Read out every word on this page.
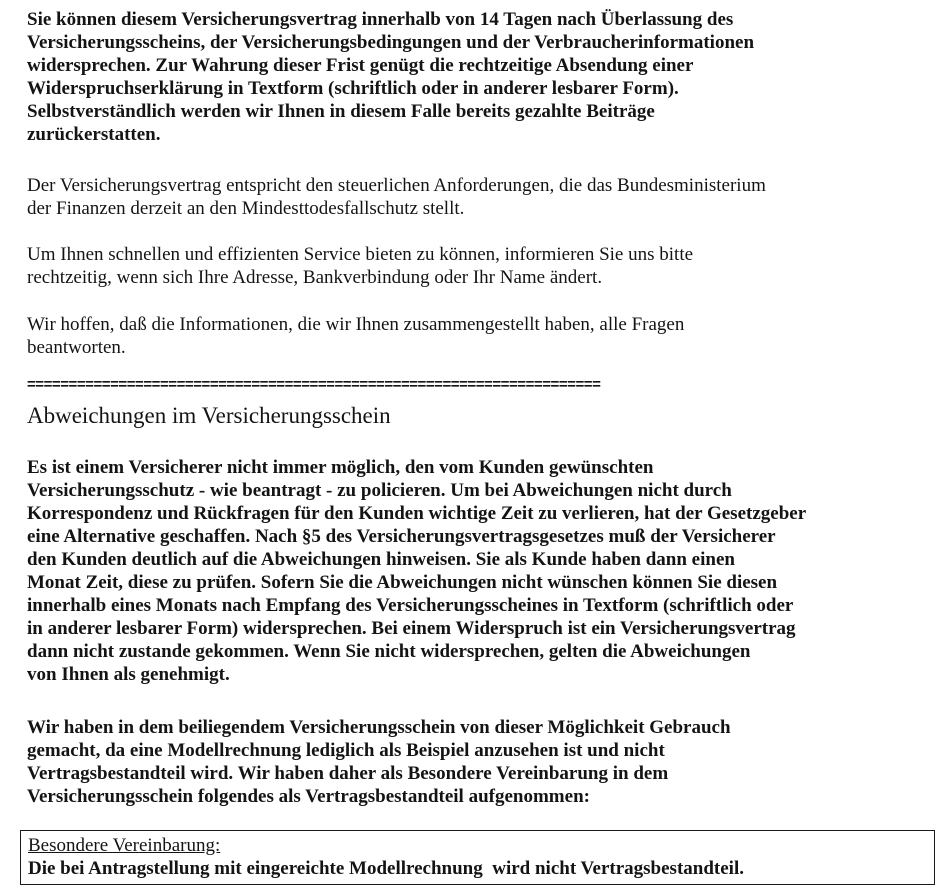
Sie können diesem Versicherungsvertrag innerhalb von 14 Tagen nach Überlassung des
Versicherungsscheins, der Versicherungsbedingungen und der Verbraucherinformationen
widersprechen. Zur Wahrung dieser Frist genügt die rechtzeitige Absendung einer
Widerspruchserklärung in Textform (schriftlich oder in anderer lesbarer Form).
Selbstverständlich werden wir Ihnen in diesem Falle bereits gezahlte Beiträge
zurückerstatten.

Der Versicherungsvertrag entspricht den steuerlichen Anforderungen, die das Bundesministerium
der Finanzen derzeit an den Mindesttodesfallschutz stellt.

Um Ihnen schnellen und effizienten Service bieten zu können, informieren Sie uns bitte
rechtzeitig, wenn sich Ihre Adresse, Bankverbindung oder Ihr Name ändert.

Wir hoffen, daß die Informationen, die wir Ihnen zusammengestellt haben, alle Fragen
beantworten.

=====================================================================

Abweichungen im Versicherungsschein

Es ist einem Versicherer nicht immer möglich, den vom Kunden gewünschten
Versicherungsschutz - wie beantragt - zu policieren. Um bei Abweichungen nicht durch
Korrespondenz und Rückfragen für den Kunden wichtige Zeit zu verlieren, hat der Gesetzgeber
eine Alternative geschaffen. Nach §5 des Versicherungsvertragsgesetzes muß der Versicherer
den Kunden deutlich auf die Abweichungen hinweisen. Sie als Kunde haben dann einen
Monat Zeit, diese zu prüfen. Sofern Sie die Abweichungen nicht wünschen können Sie diesen
innerhalb eines Monats nach Empfang des Versicherungsscheines in Textform (schriftlich oder
in anderer lesbarer Form) widersprechen. Bei einem Widerspruch ist ein Versicherungsvertrag
dann nicht zustande gekommen. Wenn Sie nicht widersprechen, gelten die Abweichungen
von Ihnen als genehmigt.

Wir haben in dem beiliegendem Versicherungsschein von dieser Möglichkeit Gebrauch
gemacht, da eine Modellrechnung lediglich als Beispiel anzusehen ist und nicht
Vertragsbestandteil wird. Wir haben daher als Besondere Vereinbarung in dem
Versicherungsschein folgendes als Vertragsbestandteil aufgenommen:

Besondere Vereinbarung:

Die bei Antragstellung mit eingereichte Modellrechnung  wird nicht Vertragsbestandteil.
